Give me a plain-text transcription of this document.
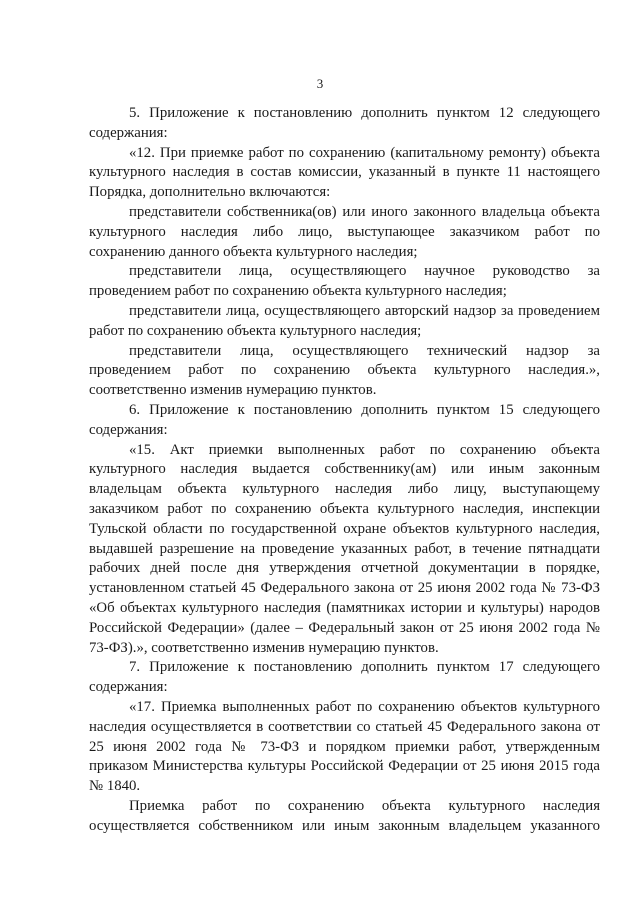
3

5. Приложение к постановлению дополнить пунктом 12 следующего содержания:

«12. При приемке работ по сохранению (капитальному ремонту) объекта культурного наследия в состав комиссии, указанный в пункте 11 настоящего Порядка, дополнительно включаются:

представители собственника(ов) или иного законного владельца объекта культурного наследия либо лицо, выступающее заказчиком работ по сохранению данного объекта культурного наследия;

представители лица, осуществляющего научное руководство за проведением работ по сохранению объекта культурного наследия;

представители лица, осуществляющего авторский надзор за проведением работ по сохранению объекта культурного наследия;

представители лица, осуществляющего технический надзор за проведением работ по сохранению объекта культурного наследия.», соответственно изменив нумерацию пунктов.

6. Приложение к постановлению дополнить пунктом 15 следующего содержания:

«15. Акт приемки выполненных работ по сохранению объекта культурного наследия выдается собственнику(ам) или иным законным владельцам объекта культурного наследия либо лицу, выступающему заказчиком работ по сохранению объекта культурного наследия, инспекции Тульской области по государственной охране объектов культурного наследия, выдавшей разрешение на проведение указанных работ, в течение пятнадцати рабочих дней после дня утверждения отчетной документации в порядке, установленном статьей 45 Федерального закона от 25 июня 2002 года № 73-ФЗ «Об объектах культурного наследия (памятниках истории и культуры) народов Российской Федерации» (далее – Федеральный закон от 25 июня 2002 года № 73-ФЗ).», соответственно изменив нумерацию пунктов.

7. Приложение к постановлению дополнить пунктом 17 следующего содержания:

«17. Приемка выполненных работ по сохранению объектов культурного наследия осуществляется в соответствии со статьей 45 Федерального закона от 25 июня 2002 года № 73-ФЗ и порядком приемки работ, утвержденным приказом Министерства культуры Российской Федерации от 25 июня 2015 года № 1840.

Приемка работ по сохранению объекта культурного наследия осуществляется собственником или иным законным владельцем указанного
